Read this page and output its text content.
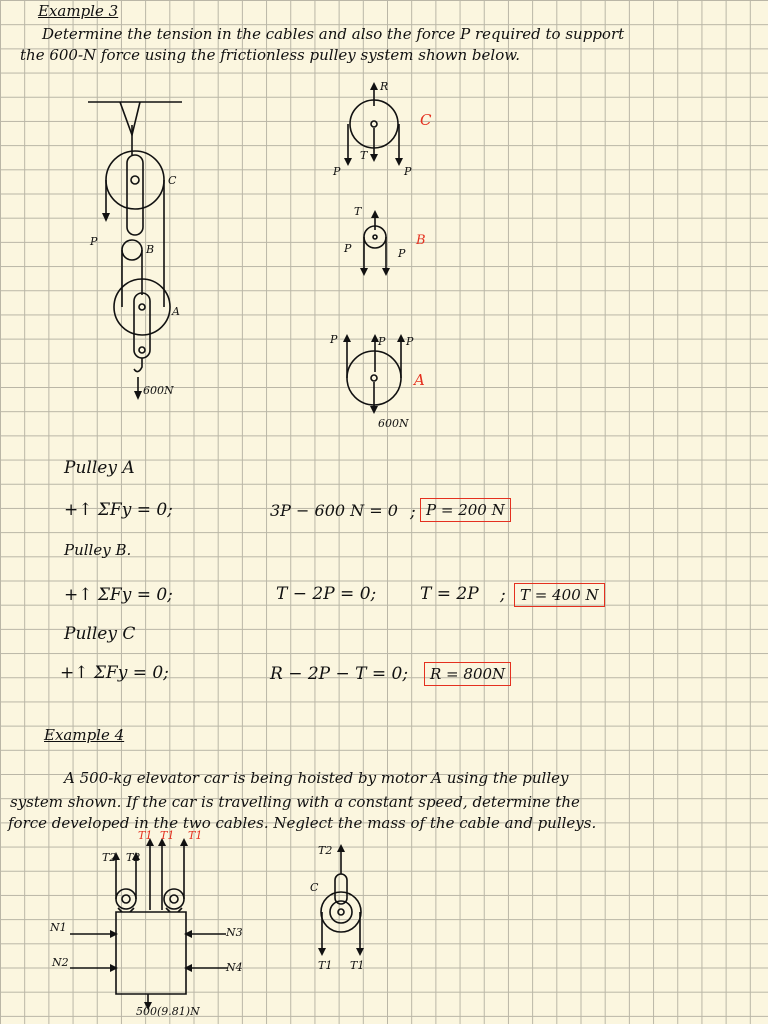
Example 3
Determine the tension in the cables and also the force P required to support
the 600-N force using the frictionless pulley system shown below.
C
P
B
A
600N
R
P
T
P
C
T
P	P
B
P	P P
600N
A
Pulley A
+↑ ΣFy = 0;	3P − 600 N = 0 ; P = 200 N
Pulley B.
+↑ ΣFy = 0;	T − 2P = 0;	T = 2P ; T = 400 N
Pulley C
+↑ ΣFy = 0;	R − 2P − T = 0;	R = 800N
Example 4
A 500-kg elevator car is being hoisted by motor A using the pulley
system shown. If the car is travelling with a constant speed, determine the
force developed in the two cables. Neglect the mass of the cable and pulleys.
T2 T2
T1 T1 T1
N1
N2
N3
N4
500(9.81)N
T2
C
T1 T1
